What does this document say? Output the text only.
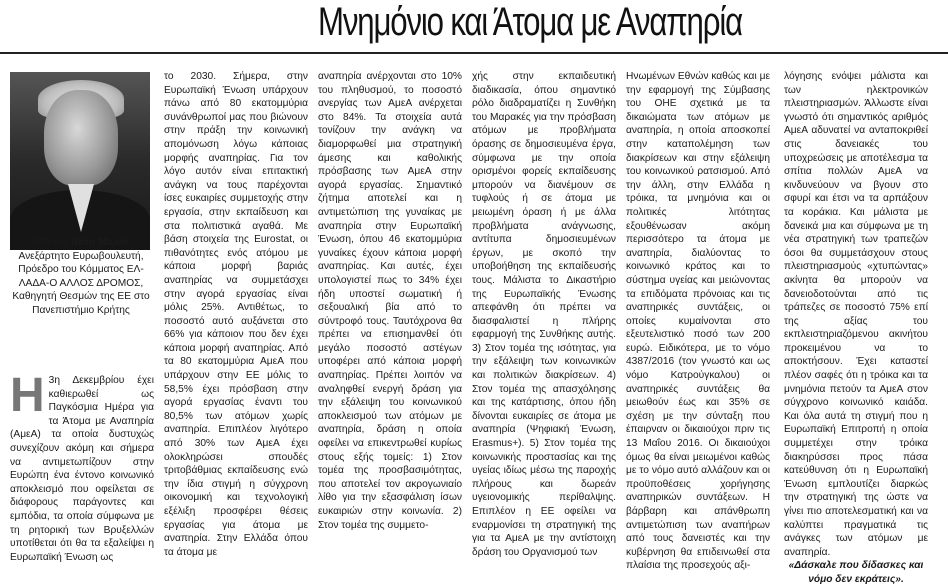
Μνημόνιο και Άτομα με Αναπηρία
Από τον Νότη Μαριά, Ανεξάρτητο Ευρωβουλευτή, Πρόεδρο του Κόμματος ΕΛ-ΛΑΔΑ-Ο ΑΛΛΟΣ ΔΡΟΜΟΣ, Καθηγητή Θεσμών της ΕΕ στο Πανεπιστήμιο Κρήτης
Η 3η Δεκεμβρίου έχει καθιερωθεί ως Παγκόσμια Ημέρα για τα Άτομα με Αναπηρία (ΑμεΑ) τα οποία δυστυχώς συνεχίζουν ακόμη και σήμερα να αντιμετωπίζουν στην Ευρώπη ένα έντονο κοινωνικό αποκλεισμό που οφείλεται σε διάφορους παράγοντες και εμπόδια, τα οποία σύμφωνα με τη ρητορική των Βρυξελλών υποτίθεται ότι θα τα εξαλείψει η Ευρωπαϊκή Ένωση ως

το 2030. Σήμερα, στην Ευρωπαϊκή Ένωση υπάρχουν πάνω από 80 εκατομμύρια συνάνθρωποί μας που βιώνουν στην πράξη την κοινωνική απομόνωση λόγω κάποιας μορφής αναπηρίας. Για τον λόγο αυτόν είναι επιτακτική ανάγκη να τους παρέχονται ίσες ευκαιρίες συμμετοχής στην εργασία, στην εκπαίδευση και στα πολιτιστικά αγαθά. Με βάση στοιχεία της Eurostat, οι πιθανότητες ενός ατόμου με κάποια μορφή βαριάς αναπηρίας να συμμετάσχει στην αγορά εργασίας είναι μόλις 25%. Αντιθέτως, το ποσοστό αυτό αυξάνεται στο 66% για κάποιον που δεν έχει κάποια μορφή αναπηρίας. Από τα 80 εκατομμύρια ΑμεΑ που υπάρχουν στην ΕΕ μόλις το 58,5% έχει πρόσβαση στην αγορά εργασίας έναντι του 80,5% των ατόμων χωρίς αναπηρία. Επιπλέον λιγότερο από 30% των ΑμεΑ έχει ολοκληρώσει σπουδές τριτοβάθμιας εκπαίδευσης ενώ την ίδια στιγμή η σύγχρονη οικονομική και τεχνολογική εξέλιξη προσφέρει θέσεις εργασίας για άτομα με αναπηρία. Στην Ελλάδα όπου τα άτομα με

αναπηρία ανέρχονται στο 10% του πληθυσμού, το ποσοστό ανεργίας των ΑμεΑ ανέρχεται στο 84%. Τα στοιχεία αυτά τονίζουν την ανάγκη να διαμορφωθεί μια στρατηγική άμεσης και καθολικής πρόσβασης των ΑμεΑ στην αγορά εργασίας. Σημαντικό ζήτημα αποτελεί και η αντιμετώπιση της γυναίκας με αναπηρία στην Ευρωπαϊκή Ένωση, όπου 46 εκατομμύρια γυναίκες έχουν κάποια μορφή αναπηρίας. Και αυτές, έχει υπολογιστεί πως το 34% έχει ήδη υποστεί σωματική ή σεξουαλική βία από το σύντροφό τους. Ταυτόχρονα θα πρέπει να επισημανθεί ότι μεγάλο ποσοστό αστέγων υποφέρει από κάποια μορφή αναπηρίας. Πρέπει λοιπόν να αναληφθεί ενεργή δράση για την εξάλειψη του κοινωνικού αποκλεισμού των ατόμων με αναπηρία, δράση η οποία οφείλει να επικεντρωθεί κυρίως στους εξής τομείς: 1) Στον τομέα της προσβασιμότητας, που αποτελεί τον ακρογωνιαίο λίθο για την εξασφάλιση ίσων ευκαιριών στην κοινωνία. 2) Στον τομέα της συμμετο-

χής στην εκπαιδευτική διαδικασία, όπου σημαντικό ρόλο διαδραματίζει η Συνθήκη του Μαρακές για την πρόσβαση ατόμων με προβλήματα όρασης σε δημοσιευμένα έργα, σύμφωνα με την οποία ορισμένοι φορείς εκπαίδευσης μπορούν να διανέμουν σε τυφλούς ή σε άτομα με μειωμένη όραση ή με άλλα προβλήματα ανάγνωσης, αντίτυπα δημοσιευμένων έργων, με σκοπό την υποβοήθηση της εκπαίδευσής τους. Μάλιστα το Δικαστήριο της Ευρωπαϊκής Ένωσης απεφάνθη ότι πρέπει να διασφαλιστεί η πλήρης εφαρμογή της Συνθήκης αυτής. 3) Στον τομέα της ισότητας, για την εξάλειψη των κοινωνικών και πολιτικών διακρίσεων. 4) Στον τομέα της απασχόλησης και της κατάρτισης, όπου ήδη δίνονται ευκαιρίες σε άτομα με αναπηρία (Ψηφιακή Ένωση, Erasmus+). 5) Στον τομέα της κοινωνικής προστασίας και της υγείας ιδίως μέσω της παροχής πλήρους και δωρεάν υγειονομικής περίθαλψης. Επιπλέον η ΕΕ οφείλει να εναρμονίσει τη στρατηγική της για τα ΑμεΑ με την αντίστοιχη δράση του Οργανισμού των

Ηνωμένων Εθνών καθώς και με την εφαρμογή της Σύμβασης του ΟΗΕ σχετικά με τα δικαιώματα των ατόμων με αναπηρία, η οποία αποσκοπεί στην καταπολέμηση των διακρίσεων και στην εξάλειψη του κοινωνικού ρατσισμού. Από την άλλη, στην Ελλάδα η τρόικα, τα μνημόνια και οι πολιτικές λιτότητας εξουθένωσαν ακόμη περισσότερο τα άτομα με αναπηρία, διαλύοντας το κοινωνικό κράτος και το σύστημα υγείας και μειώνοντας τα επιδόματα πρόνοιας και τις αναπηρικές συντάξεις, οι οποίες κυμαίνονται στο εξευτελιστικό ποσό των 200 ευρώ. Ειδικότερα, με το νόμο 4387/2016 (τον γνωστό και ως νόμο Κατρούγκαλου) οι αναπηρικές συντάξεις θα μειωθούν έως και 35% σε σχέση με την σύνταξη που έπαιρναν οι δικαιούχοι πριν τις 13 Μαΐου 2016. Οι δικαιούχοι όμως θα είναι μειωμένοι καθώς με το νόμο αυτό αλλάζουν και οι προϋποθέσεις χορήγησης αναπηρικών συντάξεων. Η βάρβαρη και απάνθρωπη αντιμετώπιση των αναπήρων από τους δανειστές και την κυβέρνηση θα επιδεινωθεί στα πλαίσια της προσεχούς αξι-

λόγησης ενόψει μάλιστα και των ηλεκτρονικών πλειστηριασμών. Άλλωστε είναι γνωστό ότι σημαντικός αριθμός ΑμεΑ αδυνατεί να ανταποκριθεί στις δανειακές του υποχρεώσεις με αποτέλεσμα τα σπίτια πολλών ΑμεΑ να κινδυνεύουν να βγουν στο σφυρί και έτσι να τα αρπάξουν τα κοράκια. Και μάλιστα με δανεικά μια και σύμφωνα με τη νέα στρατηγική των τραπεζών όσοι θα συμμετάσχουν στους πλειστηριασμούς «χτυπώντας» ακίνητα θα μπορούν να δανειοδοτούνται από τις τράπεζες σε ποσοστό 75% επί της αξίας του εκπλειστηριαζόμενου ακινήτου προκειμένου να το αποκτήσουν. Έχει καταστεί πλέον σαφές ότι η τρόικα και τα μνημόνια πετούν τα ΑμεΑ στον σύγχρονο κοινωνικό καιάδα. Και όλα αυτά τη στιγμή που η Ευρωπαϊκή Επιτροπή η οποία συμμετέχει στην τρόικα διακηρύσσει προς πάσα κατεύθυνση ότι η Ευρωπαϊκή Ένωση εμπλουτίζει διαρκώς την στρατηγική της ώστε να γίνει πιο αποτελεσματική και να καλύπτει πραγματικά τις ανάγκες των ατόμων με αναπηρία.

«Δάσκαλε που δίδασκες και νόμο δεν εκράτεις».
